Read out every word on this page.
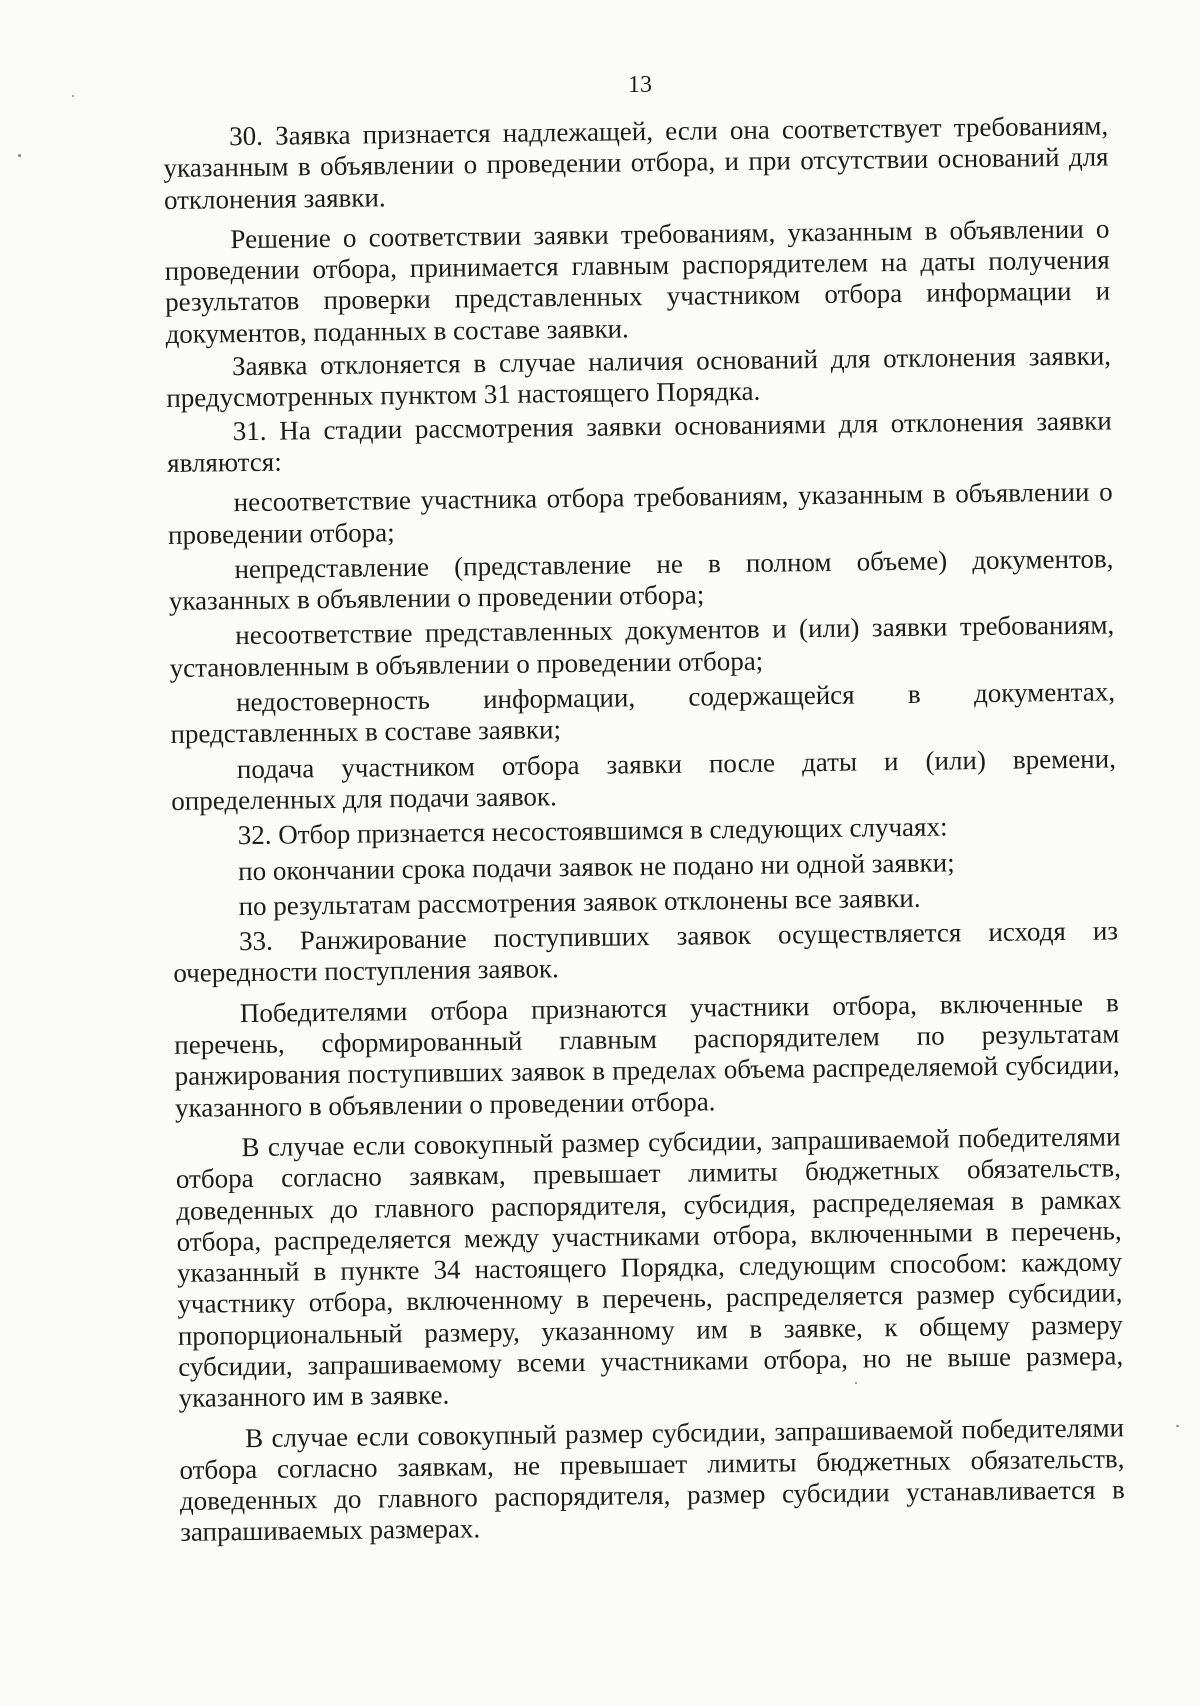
13

30. Заявка признается надлежащей, если она соответствует требованиям, указанным в объявлении о проведении отбора, и при отсутствии оснований для отклонения заявки.

Решение о соответствии заявки требованиям, указанным в объявлении о проведении отбора, принимается главным распорядителем на даты получения результатов проверки представленных участником отбора информации и документов, поданных в составе заявки.

Заявка отклоняется в случае наличия оснований для отклонения заявки, предусмотренных пунктом 31 настоящего Порядка.

31. На стадии рассмотрения заявки основаниями для отклонения заявки являются:

несоответствие участника отбора требованиям, указанным в объявлении о проведении отбора;

непредставление (представление не в полном объеме) документов, указанных в объявлении о проведении отбора;

несоответствие представленных документов и (или) заявки требованиям, установленным в объявлении о проведении отбора;

недостоверность информации, содержащейся в документах, представленных в составе заявки;

подача участником отбора заявки после даты и (или) времени, определенных для подачи заявок.

32. Отбор признается несостоявшимся в следующих случаях:

по окончании срока подачи заявок не подано ни одной заявки;

по результатам рассмотрения заявок отклонены все заявки.

33. Ранжирование поступивших заявок осуществляется исходя из очередности поступления заявок.

Победителями отбора признаются участники отбора, включенные в перечень, сформированный главным распорядителем по результатам ранжирования поступивших заявок в пределах объема распределяемой субсидии, указанного в объявлении о проведении отбора.

В случае если совокупный размер субсидии, запрашиваемой победителями отбора согласно заявкам, превышает лимиты бюджетных обязательств, доведенных до главного распорядителя, субсидия, распределяемая в рамках отбора, распределяется между участниками отбора, включенными в перечень, указанный в пункте 34 настоящего Порядка, следующим способом: каждому участнику отбора, включенному в перечень, распределяется размер субсидии, пропорциональный размеру, указанному им в заявке, к общему размеру субсидии, запрашиваемому всеми участниками отбора, но не выше размера, указанного им в заявке.

В случае если совокупный размер субсидии, запрашиваемой победителями отбора согласно заявкам, не превышает лимиты бюджетных обязательств, доведенных до главного распорядителя, размер субсидии устанавливается в запрашиваемых размерах.
